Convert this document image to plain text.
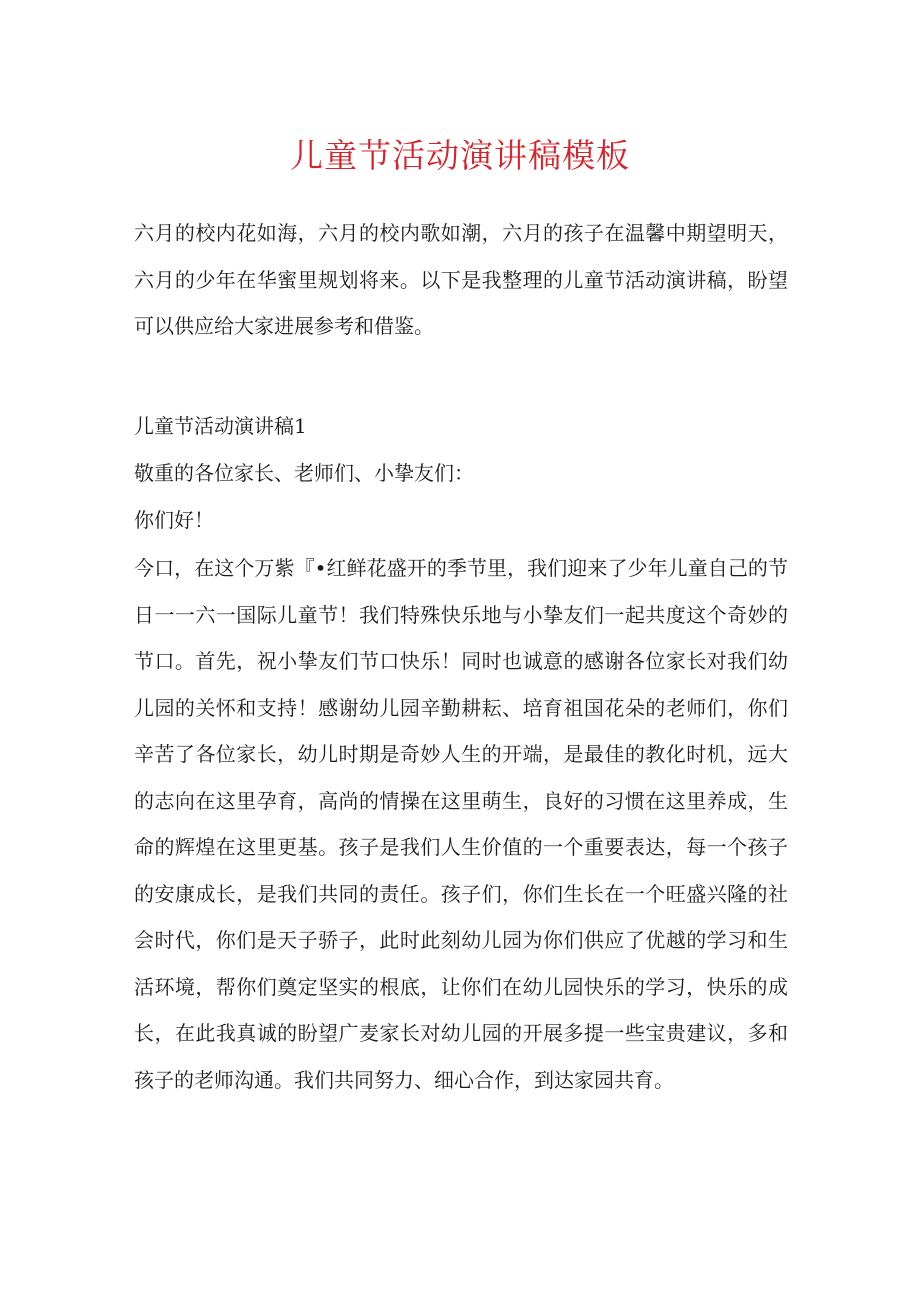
儿童节活动演讲稿模板

六月的校内花如海，六月的校内歌如潮，六月的孩子在温馨中期望明天，六月的少年在华蜜里规划将来。以下是我整理的儿童节活动演讲稿，盼望可以供应给大家进展参考和借鉴。

儿童节活动演讲稿1

敬重的各位家长、老师们、小挚友们：

你们好！

今口，在这个万紫『•红鲜花盛开的季节里，我们迎来了少年儿童自己的节日一一六一国际儿童节！我们特殊快乐地与小挚友们一起共度这个奇妙的节口。首先，祝小挚友们节口快乐！同时也诚意的感谢各位家长对我们幼儿园的关怀和支持！感谢幼儿园辛勤耕耘、培育祖国花朵的老师们，你们辛苦了各位家长，幼儿时期是奇妙人生的开端，是最佳的教化时机，远大的志向在这里孕育，高尚的情操在这里萌生，良好的习惯在这里养成，生命的辉煌在这里更基。孩子是我们人生价值的一个重要表达，每一个孩子的安康成长，是我们共同的责任。孩子们，你们生长在一个旺盛兴隆的社会时代，你们是天子骄子，此时此刻幼儿园为你们供应了优越的学习和生活环境，帮你们奠定坚实的根底，让你们在幼儿园快乐的学习，快乐的成长，在此我真诚的盼望广麦家长对幼儿园的开展多提一些宝贵建议，多和孩子的老师沟通。我们共同努力、细心合作，到达家园共育。
